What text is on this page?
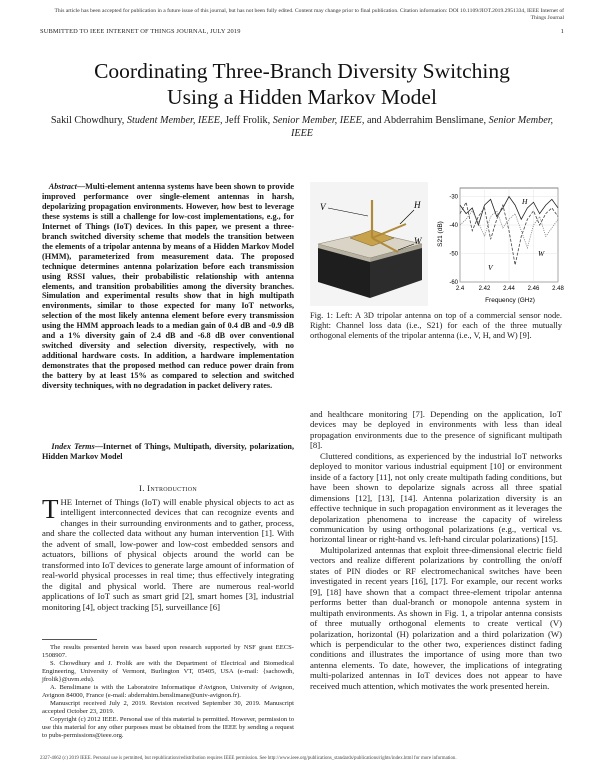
This article has been accepted for publication in a future issue of this journal, but has not been fully edited. Content may change prior to final publication. Citation information: DOI 10.1109/JIOT.2019.2951334, IEEE Internet of Things Journal
SUBMITTED TO IEEE INTERNET OF THINGS JOURNAL, JULY 2019	1
Coordinating Three-Branch Diversity Switching
Using a Hidden Markov Model
Sakil Chowdhury, Student Member, IEEE, Jeff Frolik, Senior Member, IEEE, and Abderrahim Benslimane, Senior Member, IEEE
Abstract—Multi-element antenna systems have been shown to provide improved performance over single-element antennas in harsh, depolarizing propagation environments. However, how best to leverage these systems is still a challenge for low-cost implementations, e.g., for Internet of Things (IoT) devices. In this paper, we present a three-branch switched diversity scheme that models the transition between the elements of a tripolar antenna by means of a Hidden Markov Model (HMM), parameterized from measurement data. The proposed technique determines antenna polarization before each transmission using RSSI values, their probabilistic relationship with antenna elements, and transition probabilities among the diversity branches. Simulation and experimental results show that in high multipath environments, similar to those expected for many IoT networks, selection of the most likely antenna element before every transmission using the HMM approach leads to a median gain of 0.4 dB and -0.9 dB and a 1% diversity gain of 2.4 dB and -6.8 dB over conventional switched diversity and selection diversity, respectively, with no additional hardware costs. In addition, a hardware implementation demonstrates that the proposed method can reduce power drain from the battery by at least 15% as compared to selection and switched diversity techniques, with no degradation in packet delivery rates.
Index Terms—Internet of Things, Multipath, diversity, polarization, Hidden Markov Model
I. Introduction

THE Internet of Things (IoT) will enable physical objects to act as intelligent interconnected devices that can recognize events and changes in their surrounding environments and to gather, process, and share the collected data without any human intervention [1]. With the advent of small, low-power and low-cost embedded sensors and actuators, billions of physical objects around the world can be transformed into IoT devices to generate large amount of information of real-world physical processes in real time; thus effectively integrating the digital and physical world. There are numerous real-world applications of IoT such as smart grid [2], smart homes [3], industrial monitoring [4], object tracking [5], surveillance [6]

The results presented herein was based upon research supported by NSF grant EECS-1508907.

S. Chowdhury and J. Frolik are with the Department of Electrical and Biomedical Engineering, University of Vermont, Burlington VT, 05405, USA (e-mail: {sachowdh, jfrolik}@uvm.edu).

A. Benslimane is with the Laboratoire Informatique d'Avignon, University of Avignon, Avignon 84000, France (e-mail: abderrahim.benslimane@univ-avignon.fr).

Manuscript received July 2, 2019. Revision received September 30, 2019. Manuscript accepted October 23, 2019.

Copyright (c) 2012 IEEE. Personal use of this material is permitted. However, permission to use this material for any other purposes must be obtained from the IEEE by sending a request to pubs-permissions@ieee.org.

V	H
W
2.4 2.42 2.44 2.46 2.48
-30
-40
-50
-60
Frequency (GHz)
S21 (dB)
H
V
W
Fig. 1: Left: A 3D tripolar antenna on top of a commercial sensor node. Right: Channel loss data (i.e., S21) for each of the three mutually orthogonal elements of the tripolar antenna (i.e., V, H, and W) [9].

and healthcare monitoring [7]. Depending on the application, IoT devices may be deployed in environments with less than ideal propagation environments due to the presence of significant multipath [8].

Cluttered conditions, as experienced by the industrial IoT networks deployed to monitor various industrial equipment [10] or environment inside of a factory [11], not only create multipath fading conditions, but have been shown to depolarize signals across all three spatial dimensions [12], [13], [14]. Antenna polarization diversity is an effective technique in such propagation environment as it leverages the depolarization phenomena to increase the capacity of wireless communication by using orthogonal polarizations (e.g., vertical vs. horizontal linear or right-hand vs. left-hand circular polarizations) [15].

Multipolarized antennas that exploit three-dimensional electric field vectors and realize different polarizations by controlling the on/off states of PIN diodes or RF electromechanical switches have been investigated in recent years [16], [17]. For example, our recent works [9], [18] have shown that a compact three-element tripolar antenna performs better than dual-branch or monopole antenna system in multipath environments. As shown in Fig. 1, a tripolar antenna consists of three mutually orthogonal elements to create vertical (V) polarization, horizontal (H) polarization and a third polarization (W) which is perpendicular to the other two, experiences distinct fading conditions and illustrates the importance of using more than two antenna elements. To date, however, the implications of integrating multi-polarized antennas in IoT devices does not appear to have received much attention, which motivates the work presented herein.

2327-4662 (c) 2019 IEEE. Personal use is permitted, but republication/redistribution requires IEEE permission. See http://www.ieee.org/publications_standards/publications/rights/index.html for more information.
